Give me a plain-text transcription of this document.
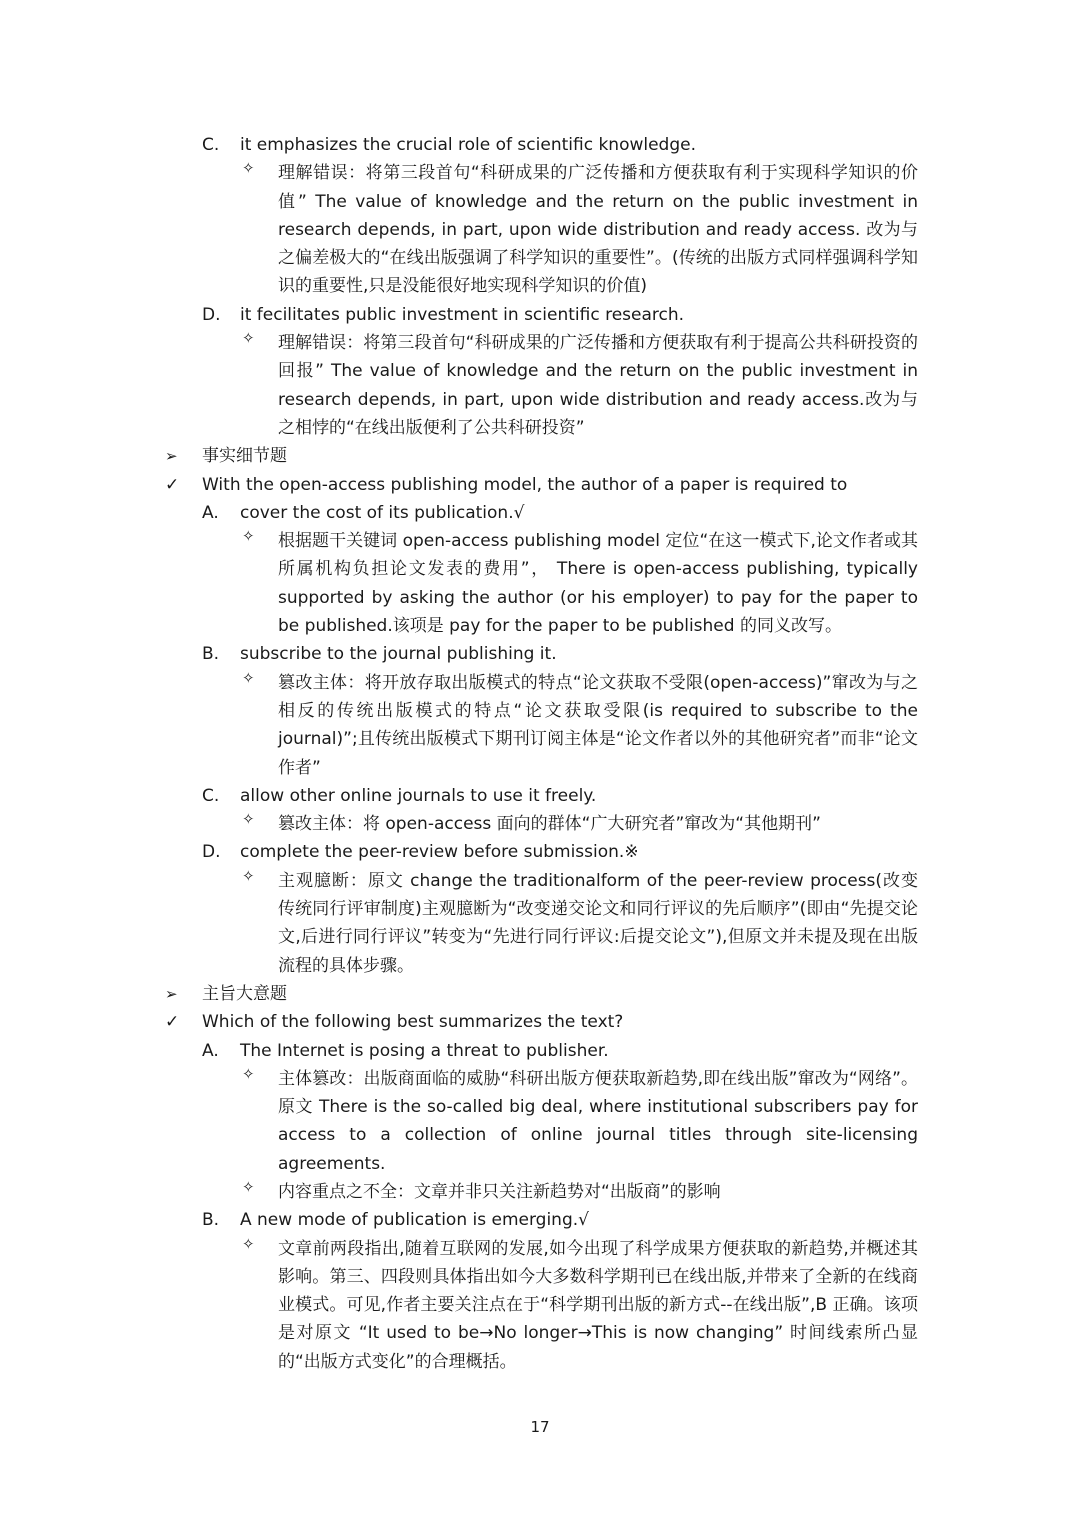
C. it emphasizes the crucial role of scientific knowledge.
✧ 理解错误：将第三段首句“科研成果的广泛传播和方便获取有利于实现科学知识的价值” The value of knowledge and the return on the public investment in research depends, in part, upon wide distribution and ready access. 改为与之偏差极大的“在线出版强调了科学知识的重要性”。(传统的出版方式同样强调科学知识的重要性,只是没能很好地实现科学知识的价值)
D. it fecilitates public investment in scientific research.
✧ 理解错误：将第三段首句“科研成果的广泛传播和方便获取有利于提高公共科研投资的回报” The value of knowledge and the return on the public investment in research depends, in part, upon wide distribution and ready access.改为与之相悖的“在线出版便利了公共科研投资”
➢ 事实细节题
✓ With the open-access publishing model, the author of a paper is required to
A. cover the cost of its publication.√
✧ 根据题干关键词 open-access publishing model 定位“在这一模式下,论文作者或其所属机构负担论文发表的费用”， There is open-access publishing, typically supported by asking the author (or his employer) to pay for the paper to be published.该项是 pay for the paper to be published 的同义改写。
B. subscribe to the journal publishing it.
✧ 篡改主体：将开放存取出版模式的特点“论文获取不受限(open-access)”窜改为与之相反的传统出版模式的特点“论文获取受限(is required to subscribe to the journal)”;且传统出版模式下期刊订阅主体是“论文作者以外的其他研究者”而非“论文作者”
C. allow other online journals to use it freely.
✧ 篡改主体：将 open-access 面向的群体“广大研究者”窜改为“其他期刊”
D. complete the peer-review before submission.※
✧ 主观臆断：原文 change the traditionalform of the peer-review process(改变传统同行评审制度)主观臆断为“改变递交论文和同行评议的先后顺序”(即由“先提交论文,后进行同行评议”转变为“先进行同行评议:后提交论文”),但原文并未提及现在出版流程的具体步骤。
➢ 主旨大意题
✓ Which of the following best summarizes the text?
A. The Internet is posing a threat to publisher.
✧ 主体篡改：出版商面临的威胁“科研出版方便获取新趋势,即在线出版”窜改为“网络”。原文 There is the so-called big deal, where institutional subscribers pay for access to a collection of online journal titles through site-licensing agreements.
✧ 内容重点之不全：文章并非只关注新趋势对“出版商”的影响
B. A new mode of publication is emerging.√
✧ 文章前两段指出,随着互联网的发展,如今出现了科学成果方便获取的新趋势,并概述其影响。第三、四段则具体指出如今大多数科学期刊已在线出版,并带来了全新的在线商业模式。可见,作者主要关注点在于“科学期刊出版的新方式--在线出版”,B 正确。该项是对原文 “It used to be→No longer→This is now changing” 时间线索所凸显的“出版方式变化”的合理概括。
17
